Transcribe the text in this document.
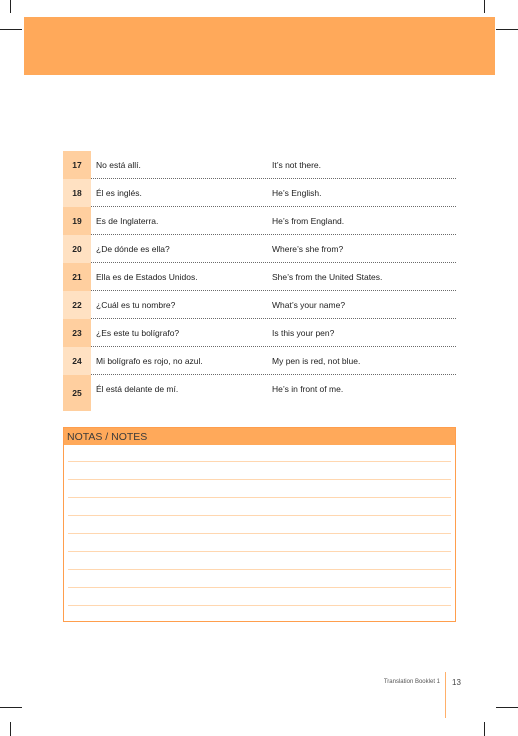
17	No está allí.	It’s not there.
18	Él es inglés.	He’s English.
19	Es de Inglaterra.	He’s from England.
20	¿De dónde es ella?	Where’s she from?
21	Ella es de Estados Unidos.	She’s from the United States.
22	¿Cuál es tu nombre?	What’s your name?
23	¿Es este tu bolígrafo?	Is this your pen?
24	Mi bolígrafo es rojo, no azul.	My pen is red, not blue.
25	Él está delante de mí.	He’s in front of me.
NOTAS / NOTES
Translation Booklet 1 13
